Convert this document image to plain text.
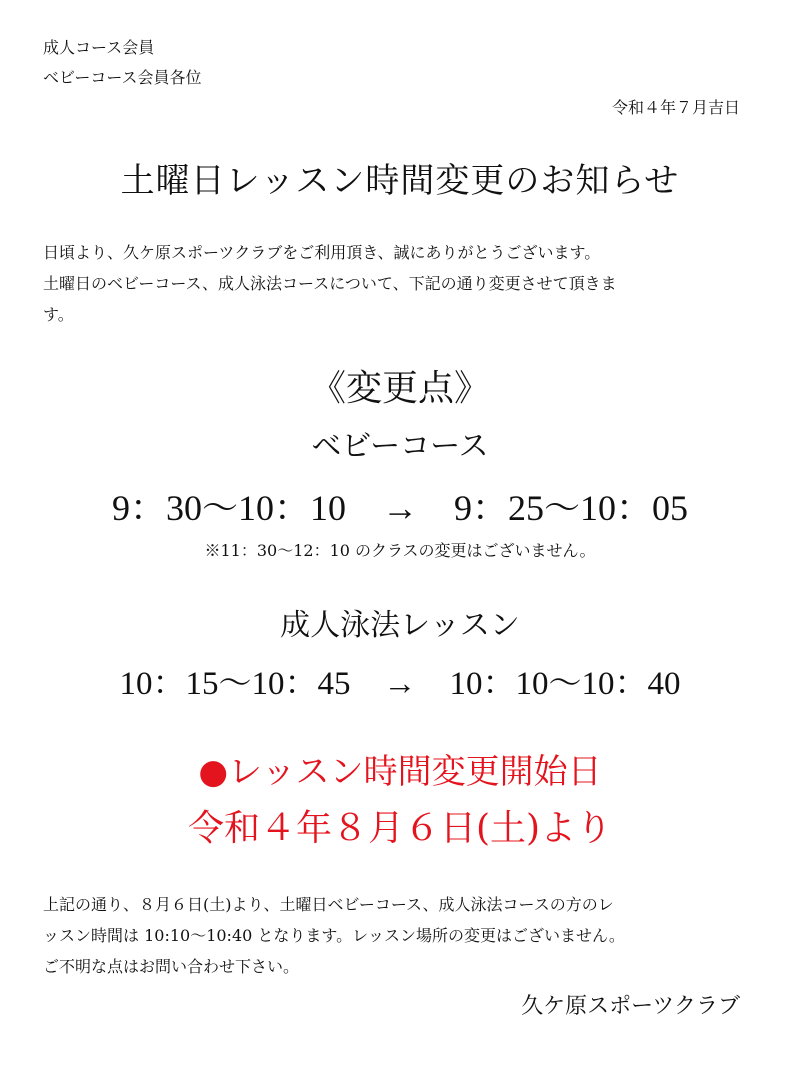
成人コース会員
ベビーコース会員各位
令和４年７月吉日
土曜日レッスン時間変更のお知らせ
日頃より、久ケ原スポーツクラブをご利用頂き、誠にありがとうございます。
土曜日のベビーコース、成人泳法コースについて、下記の通り変更させて頂きま
す。
《変更点》
ベビーコース
9：30～10：10　→　9：25～10：05
※11：30～12：10 のクラスの変更はございません。
成人泳法レッスン
10：15～10：45　→　10：10～10：40
●レッスン時間変更開始日
令和４年８月６日(土)より
上記の通り、８月６日(土)より、土曜日ベビーコース、成人泳法コースの方のレ
ッスン時間は 10:10～10:40 となります。レッスン場所の変更はございません。
ご不明な点はお問い合わせ下さい。
久ケ原スポーツクラブ
